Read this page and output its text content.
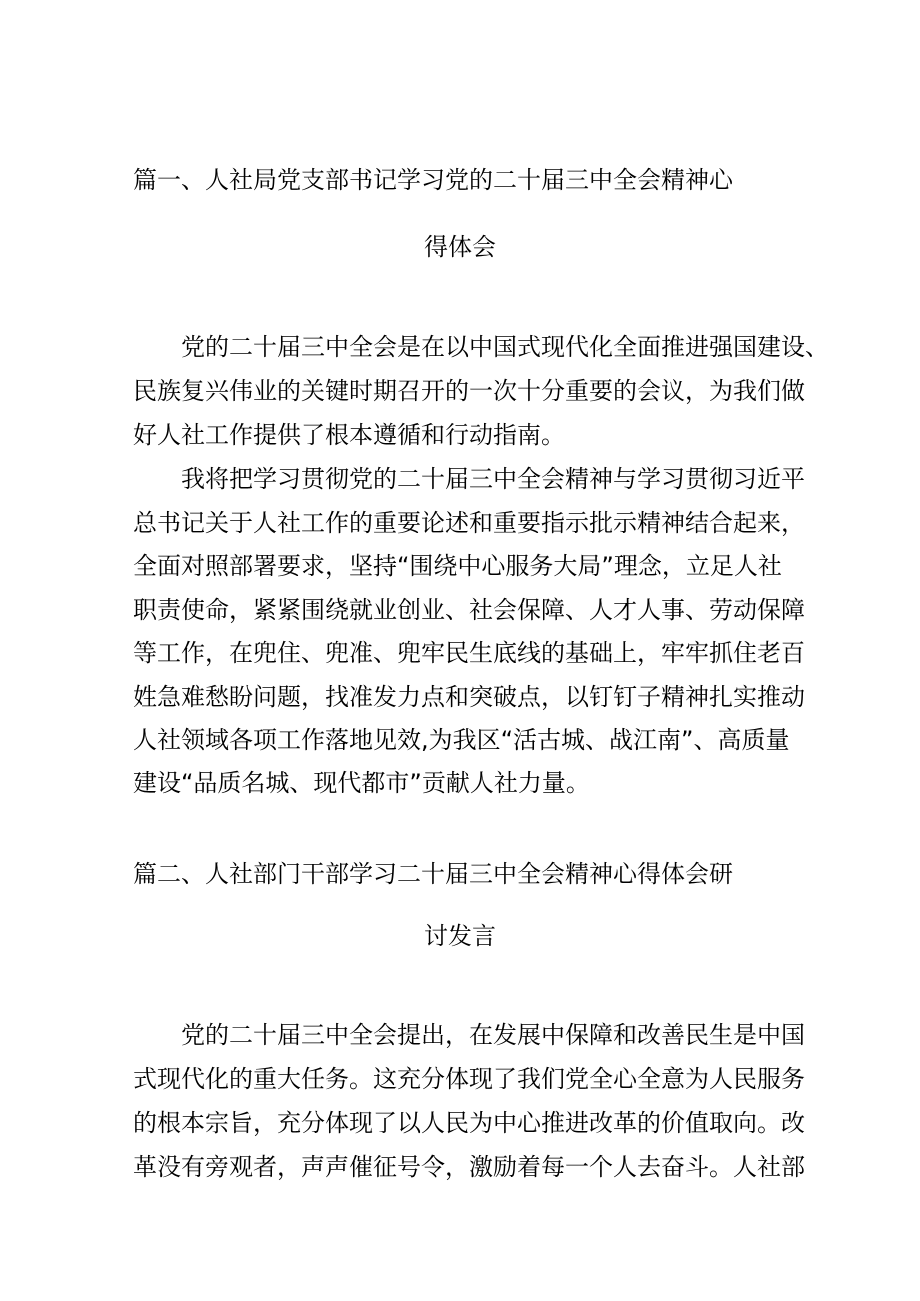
篇一、人社局党支部书记学习党的二十届三中全会精神心
得体会
党的二十届三中全会是在以中国式现代化全面推进强国建设、
民族复兴伟业的关键时期召开的一次十分重要的会议，为我们做
好人社工作提供了根本遵循和行动指南。
我将把学习贯彻党的二十届三中全会精神与学习贯彻习近平
总书记关于人社工作的重要论述和重要指示批示精神结合起来，
全面对照部署要求，坚持“围绕中心服务大局”理念，立足人社
职责使命，紧紧围绕就业创业、社会保障、人才人事、劳动保障
等工作，在兜住、兜准、兜牢民生底线的基础上，牢牢抓住老百
姓急难愁盼问题，找准发力点和突破点，以钉钉子精神扎实推动
人社领域各项工作落地见效,为我区“活古城、战江南”、高质量
建设“品质名城、现代都市”贡献人社力量。
篇二、人社部门干部学习二十届三中全会精神心得体会研
讨发言
党的二十届三中全会提出，在发展中保障和改善民生是中国
式现代化的重大任务。这充分体现了我们党全心全意为人民服务
的根本宗旨，充分体现了以人民为中心推进改革的价值取向。改
革没有旁观者，声声催征号令，激励着每一个人去奋斗。人社部
